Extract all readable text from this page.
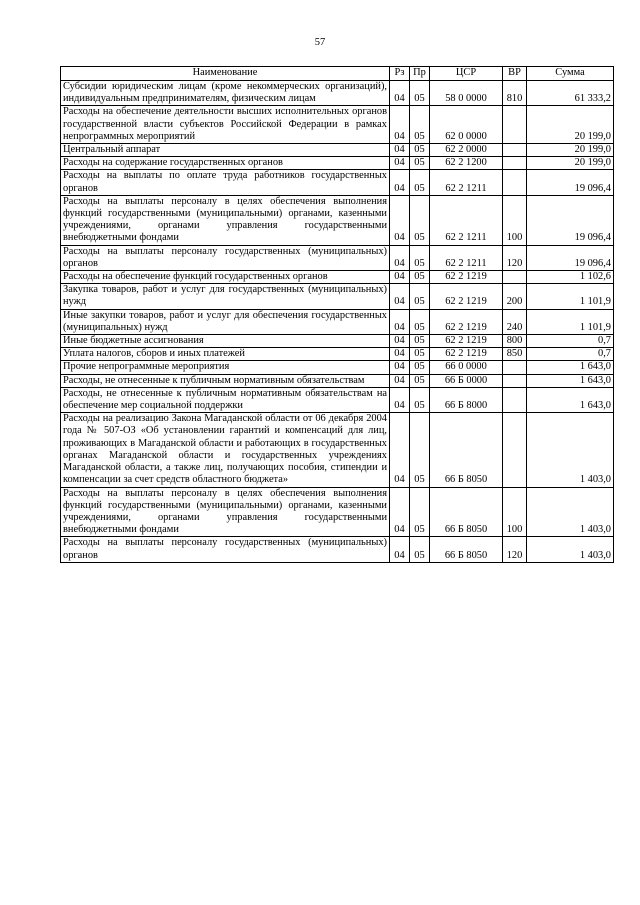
57
Наименование	Рз	Пр	ЦСР	ВР	Сумма
Субсидии юридическим лицам (кроме некоммерческих организаций), индивидуальным предпринимателям, физическим лицам	04	05	58 0 0000	810	61 333,2
Расходы на обеспечение деятельности высших исполнительных органов государственной власти субъектов Российской Федерации в рамках непрограммных мероприятий	04	05	62 0 0000		20 199,0
Центральный аппарат	04	05	62 2 0000		20 199,0
Расходы на содержание государственных органов	04	05	62 2 1200		20 199,0
Расходы на выплаты по оплате труда работников государственных органов	04	05	62 2 1211		19 096,4
Расходы на выплаты персоналу в целях обеспечения выполнения функций государственными (муниципальными) органами, казенными учреждениями, органами управления государственными внебюджетными фондами	04	05	62 2 1211	100	19 096,4
Расходы на выплаты персоналу государственных (муниципальных) органов	04	05	62 2 1211	120	19 096,4
Расходы на обеспечение функций государственных органов	04	05	62 2 1219		1 102,6
Закупка товаров, работ и услуг для государственных (муниципальных) нужд	04	05	62 2 1219	200	1 101,9
Иные закупки товаров, работ и услуг для обеспечения государственных (муниципальных) нужд	04	05	62 2 1219	240	1 101,9
Иные бюджетные ассигнования	04	05	62 2 1219	800	0,7
Уплата налогов, сборов и иных платежей	04	05	62 2 1219	850	0,7
Прочие непрограммные мероприятия	04	05	66 0 0000		1 643,0
Расходы, не отнесенные к публичным нормативным обязательствам	04	05	66 Б 0000		1 643,0
Расходы, не отнесенные к публичным нормативным обязательствам на обеспечение мер социальной поддержки	04	05	66 Б 8000		1 643,0
Расходы на реализацию Закона Магаданской области от 06 декабря 2004 года № 507-ОЗ «Об установлении гарантий и компенсаций для лиц, проживающих в Магаданской области и работающих в государственных органах Магаданской области и государственных учреждениях Магаданской области, а также лиц, получающих пособия, стипендии и компенсации за счет средств областного бюджета»	04	05	66 Б 8050		1 403,0
Расходы на выплаты персоналу в целях обеспечения выполнения функций государственными (муниципальными) органами, казенными учреждениями, органами управления государственными внебюджетными фондами	04	05	66 Б 8050	100	1 403,0
Расходы на выплаты персоналу государственных (муниципальных) органов	04	05	66 Б 8050	120	1 403,0
